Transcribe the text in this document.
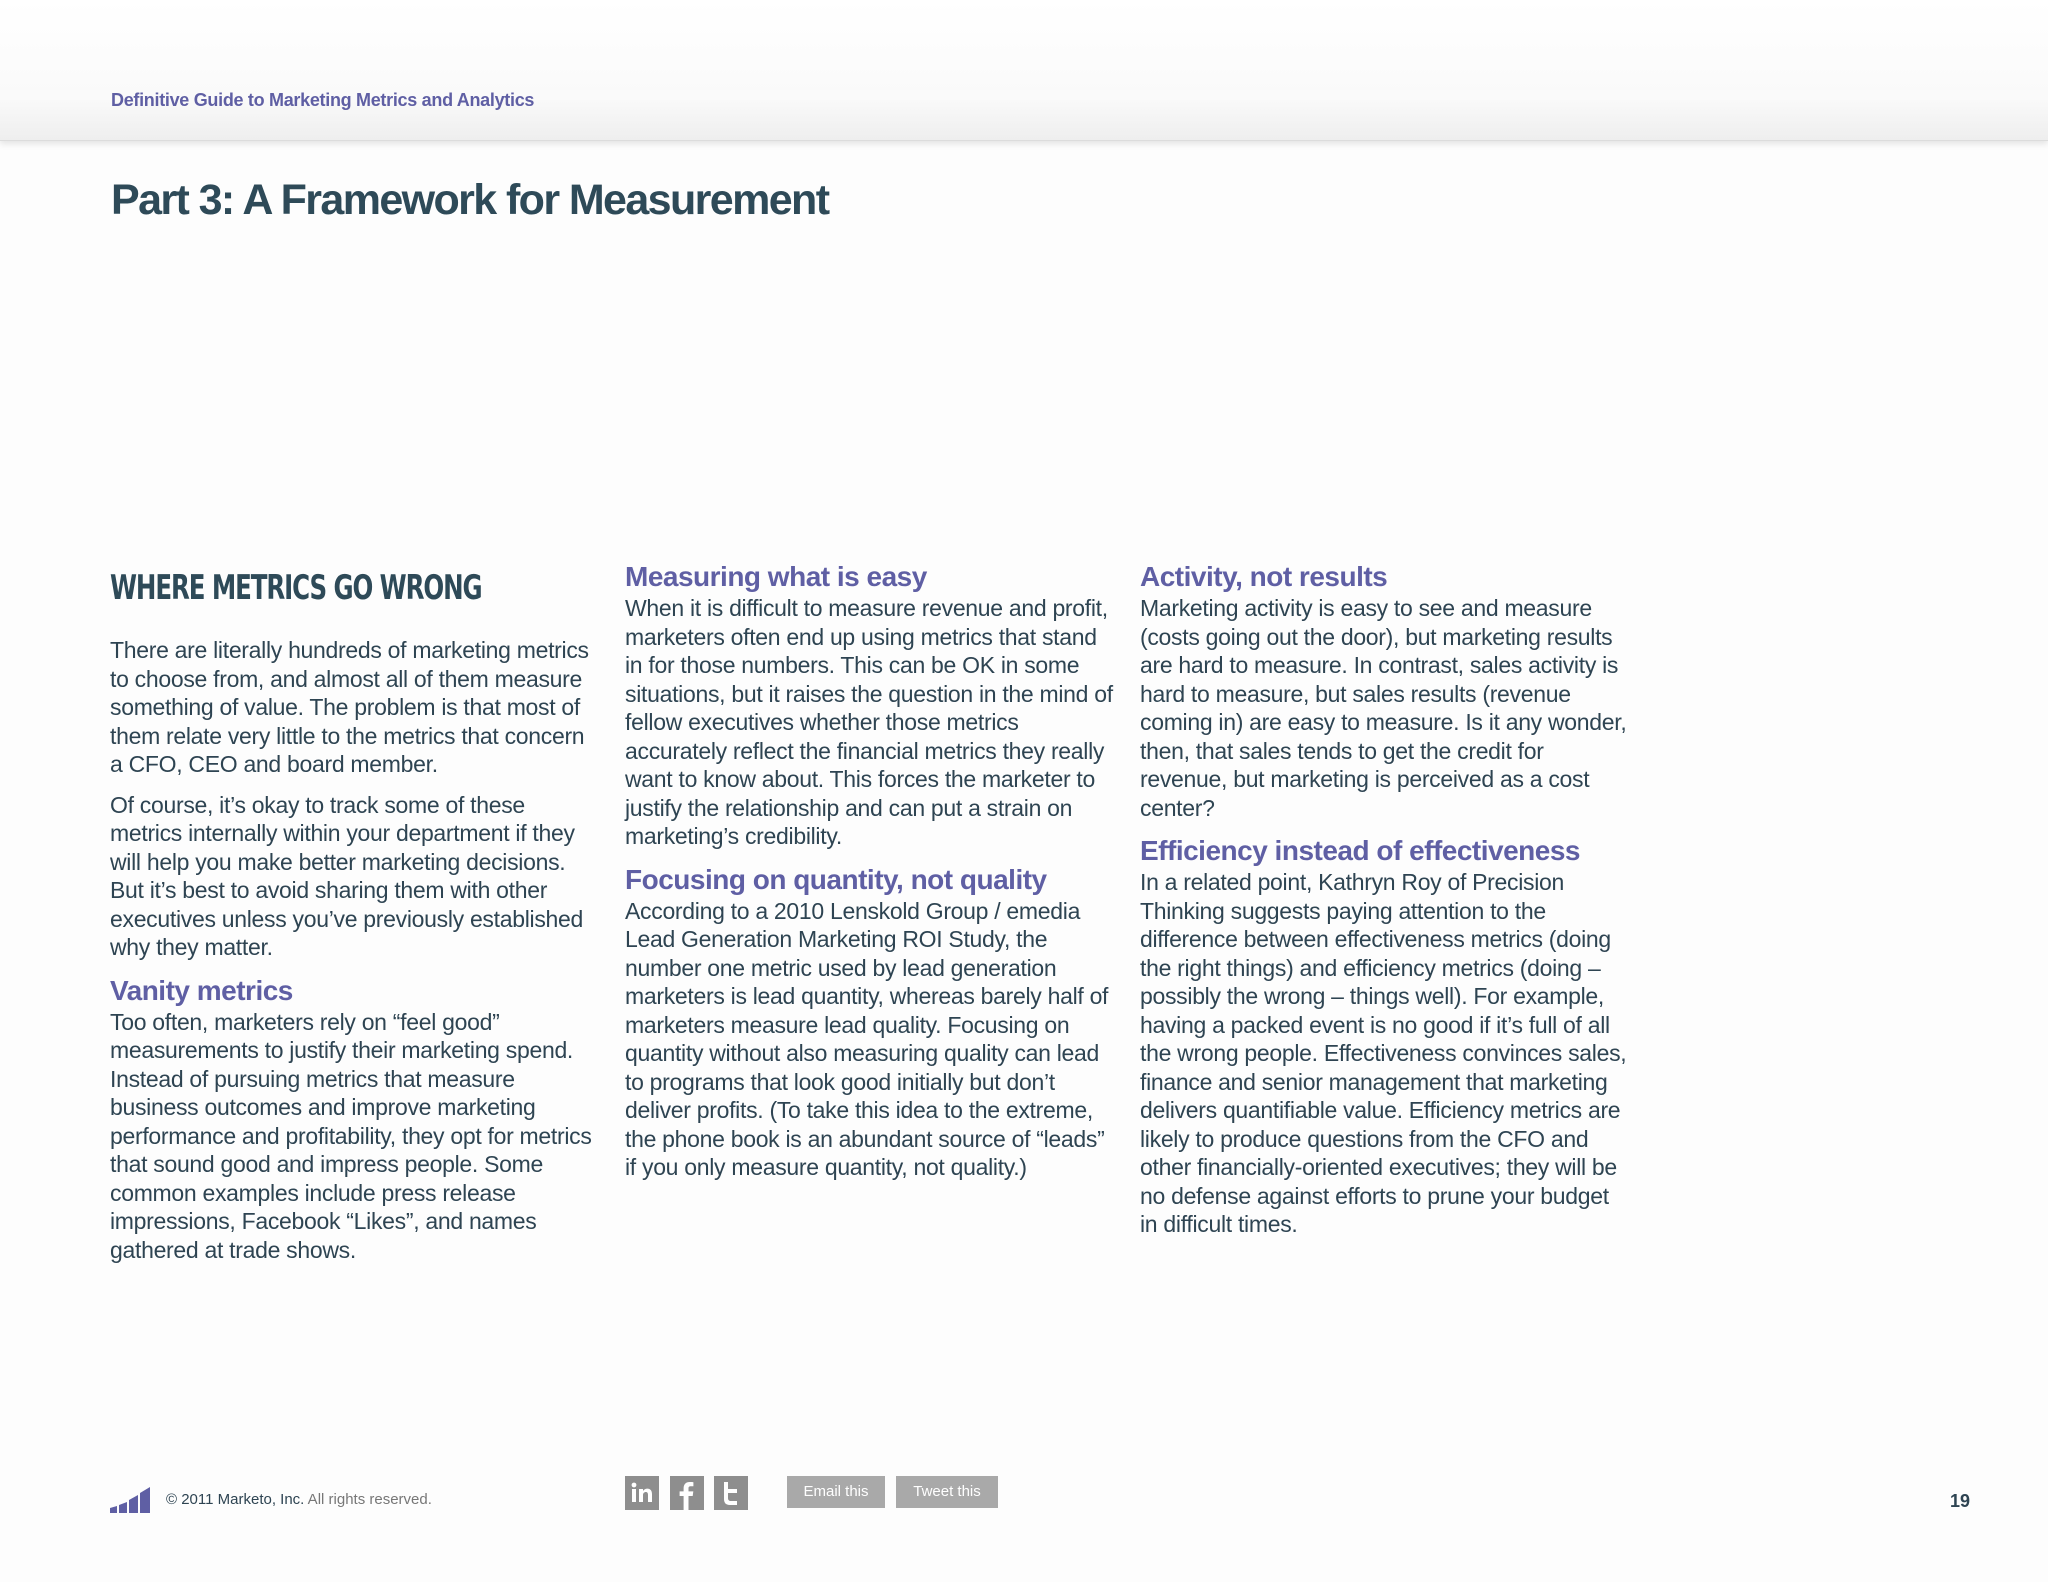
Definitive Guide to Marketing Metrics and Analytics
Part 3: A Framework for Measurement
WHERE METRICS GO WRONG

There are literally hundreds of marketing metrics to choose from, and almost all of them measure something of value. The problem is that most of them relate very little to the metrics that concern a CFO, CEO and board member.

Of course, it’s okay to track some of these metrics internally within your department if they will help you make better marketing decisions. But it’s best to avoid sharing them with other executives unless you’ve previously established why they matter.

Vanity metrics

Too often, marketers rely on “feel good” measurements to justify their marketing spend. Instead of pursuing metrics that measure business outcomes and improve marketing performance and profitability, they opt for metrics that sound good and impress people. Some common examples include press release impressions, Facebook “Likes”, and names gathered at trade shows.

Measuring what is easy

When it is difficult to measure revenue and profit, marketers often end up using metrics that stand in for those numbers. This can be OK in some situations, but it raises the question in the mind of fellow executives whether those metrics accurately reflect the financial metrics they really want to know about. This forces the marketer to justify the relationship and can put a strain on marketing’s credibility.

Focusing on quantity, not quality

According to a 2010 Lenskold Group / emedia Lead Generation Marketing ROI Study, the number one metric used by lead generation marketers is lead quantity, whereas barely half of marketers measure lead quality. Focusing on quantity without also measuring quality can lead to programs that look good initially but don’t deliver profits. (To take this idea to the extreme, the phone book is an abundant source of “leads” if you only measure quantity, not quality.)

Activity, not results

Marketing activity is easy to see and measure (costs going out the door), but marketing results are hard to measure. In contrast, sales activity is hard to measure, but sales results (revenue coming in) are easy to measure. Is it any wonder, then, that sales tends to get the credit for revenue, but marketing is perceived as a cost center?

Efficiency instead of effectiveness

In a related point, Kathryn Roy of Precision Thinking suggests paying attention to the difference between effectiveness metrics (doing the right things) and efficiency metrics (doing – possibly the wrong – things well). For example, having a packed event is no good if it’s full of all the wrong people. Effectiveness convinces sales, finance and senior management that marketing delivers quantifiable value. Efficiency metrics are likely to produce questions from the CFO and other financially-oriented executives; they will be no defense against efforts to prune your budget in difficult times.

© 2011 Marketo, Inc. All rights reserved.	Email this	Tweet this	19
